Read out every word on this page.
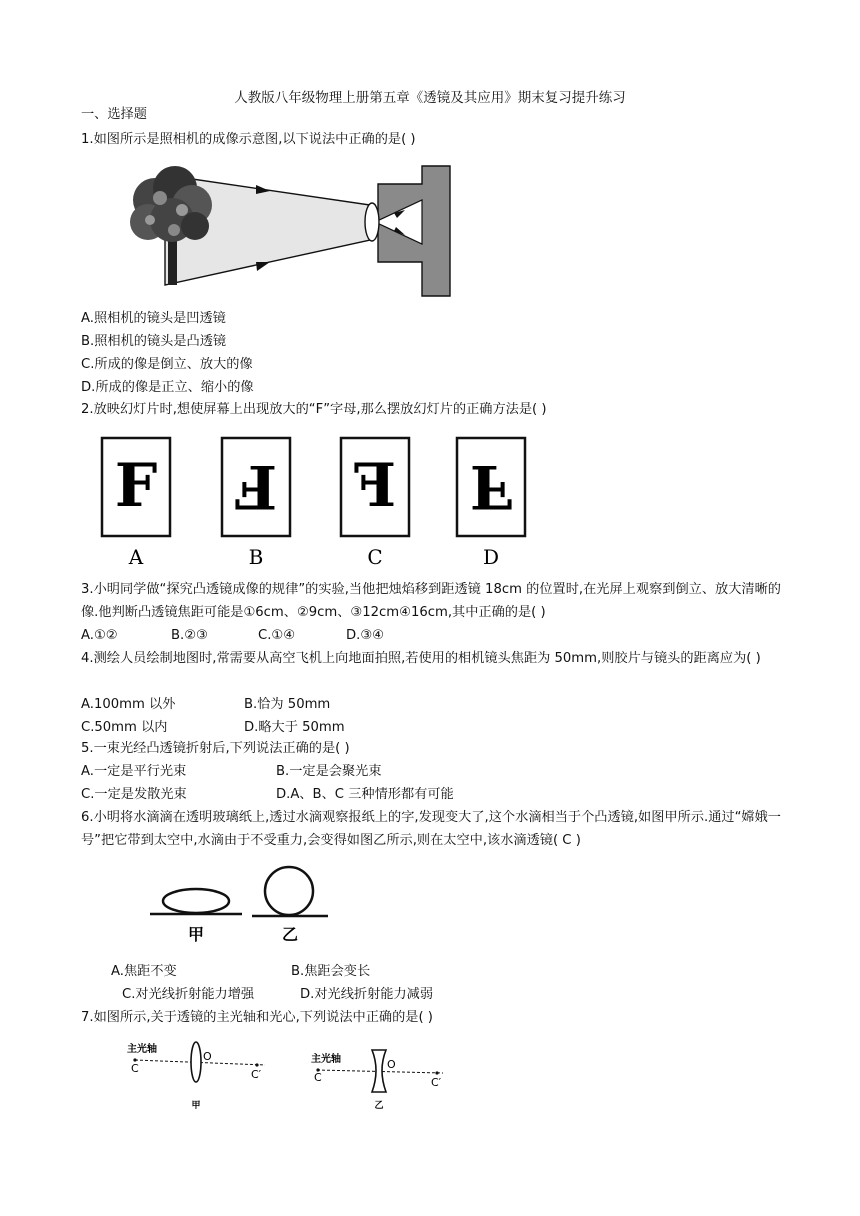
人教版八年级物理上册第五章《透镜及其应用》期末复习提升练习
一、选择题
1.如图所示是照相机的成像示意图,以下说法中正确的是( )
A.照相机的镜头是凹透镜
B.照相机的镜头是凸透镜
C.所成的像是倒立、放大的像
D.所成的像是正立、缩小的像
2.放映幻灯片时,想使屏幕上出现放大的“F”字母,那么摆放幻灯片的正确方法是( )
F
A
F
B
F
C
F
D
3.小明同学做“探究凸透镜成像的规律”的实验,当他把烛焰移到距透镜 18cm 的位置时,在光屏上观察到倒立、放大清晰的像.他判断凸透镜焦距可能是①6cm、②9cm、③12cm④16cm,其中正确的是( )
A.①②	B.②③	C.①④	D.③④
4.测绘人员绘制地图时,常需要从高空飞机上向地面拍照,若使用的相机镜头焦距为 50mm,则胶片与镜头的距离应为( )
A.100mm 以外	B.恰为 50mm
C.50mm 以内	D.略大于 50mm
5.一束光经凸透镜折射后,下列说法正确的是( )
A.一定是平行光束	B.一定是会聚光束
C.一定是发散光束	D.A、B、C 三种情形都有可能
6.小明将水滴滴在透明玻璃纸上,透过水滴观察报纸上的字,发现变大了,这个水滴相当于个凸透镜,如图甲所示.通过“嫦娥一号”把它带到太空中,水滴由于不受重力,会变得如图乙所示,则在太空中,该水滴透镜( C )
甲	乙
A.焦距不变	B.焦距会变长
C.对光线折射能力增强	D.对光线折射能力减弱
7.如图所示,关于透镜的主光轴和光心,下列说法中正确的是( )
主光轴
C
O
C′
甲
主光轴
C
O
C′
乙
